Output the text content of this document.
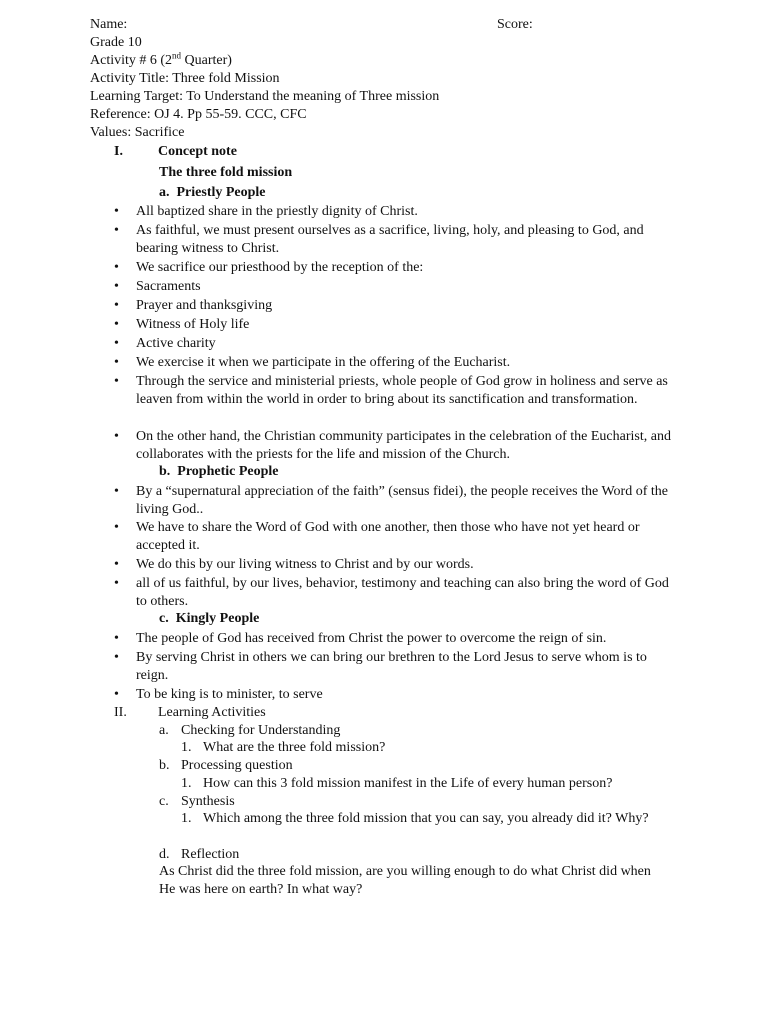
Name:
Grade 10
Activity # 6 (2nd Quarter)
Activity Title: Three fold Mission
Learning Target: To Understand the meaning of Three mission
Reference: OJ 4. Pp 55-59. CCC, CFC
Values: Sacrifice
Score:
I.	Concept note
The three fold mission
a. Priestly People
• All baptized share in the priestly dignity of Christ.
• As faithful, we must present ourselves as a sacrifice, living, holy, and pleasing to God, and bearing witness to Christ.
• We sacrifice our priesthood by the reception of the:
• Sacraments
• Prayer and thanksgiving
• Witness of Holy life
• Active charity
• We exercise it when we participate in the offering of the Eucharist.
• Through the service and ministerial priests, whole people of God grow in holiness and serve as leaven from within the world in order to bring about its sanctification and transformation.
• On the other hand, the Christian community participates in the celebration of the Eucharist, and collaborates with the priests for the life and mission of the Church.
b. Prophetic People
• By a “supernatural appreciation of the faith” (sensus fidei), the people receives the Word of the living God..
• We have to share the Word of God with one another, then those who have not yet heard or accepted it.
• We do this by our living witness to Christ and by our words.
• all of us faithful, by our lives, behavior, testimony and teaching can also bring the word of God to others.
c. Kingly People
• The people of God has received from Christ the power to overcome the reign of sin.
• By serving Christ in others we can bring our brethren to the Lord Jesus to serve whom is to reign.
• To be king is to minister, to serve
II. Learning Activities
a. Checking for Understanding
1. What are the three fold mission?
b. Processing question
1. How can this 3 fold mission manifest in the Life of every human person?
c. Synthesis
1. Which among the three fold mission that you can say, you already did it? Why?
d. Reflection
As Christ did the three fold mission, are you willing enough to do what Christ did when He was here on earth? In what way?
